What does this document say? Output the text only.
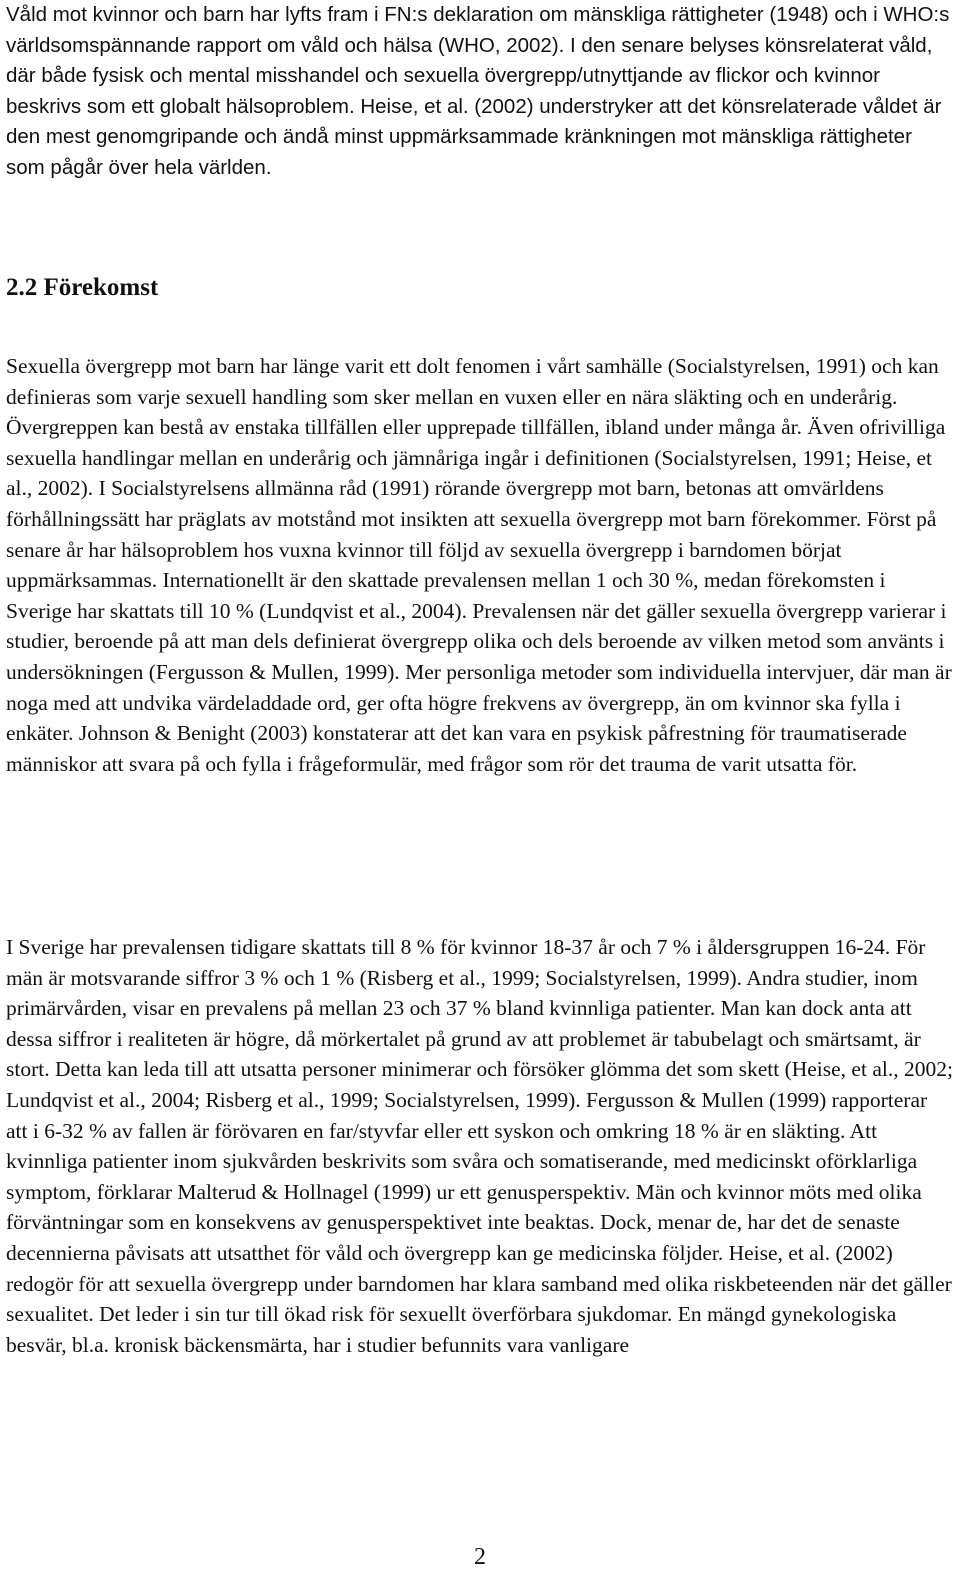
Våld mot kvinnor och barn har lyfts fram i FN:s deklaration om mänskliga rättigheter (1948) och i WHO:s världsomspännande rapport om våld och hälsa (WHO, 2002). I den senare belyses könsrelaterat våld, där både fysisk och mental misshandel och sexuella övergrepp/utnyttjande av flickor och kvinnor beskrivs som ett globalt hälsoproblem. Heise, et al. (2002) understryker att det könsrelaterade våldet är den mest genomgripande och ändå minst uppmärksammade kränkningen mot mänskliga rättigheter som pågår över hela världen.

2.2 Förekomst

Sexuella övergrepp mot barn har länge varit ett dolt fenomen i vårt samhälle (Socialstyrelsen, 1991) och kan definieras som varje sexuell handling som sker mellan en vuxen eller en nära släkting och en underårig. Övergreppen kan bestå av enstaka tillfällen eller upprepade tillfällen, ibland under många år. Även ofrivilliga sexuella handlingar mellan en underårig och jämnåriga ingår i definitionen (Socialstyrelsen, 1991; Heise, et al., 2002). I Socialstyrelsens allmänna råd (1991) rörande övergrepp mot barn, betonas att omvärldens förhållningssätt har präglats av motstånd mot insikten att sexuella övergrepp mot barn förekommer. Först på senare år har hälsoproblem hos vuxna kvinnor till följd av sexuella övergrepp i barndomen börjat uppmärksammas. Internationellt är den skattade prevalensen mellan 1 och 30 %, medan förekomsten i Sverige har skattats till 10 % (Lundqvist et al., 2004). Prevalensen när det gäller sexuella övergrepp varierar i studier, beroende på att man dels definierat övergrepp olika och dels beroende av vilken metod som använts i undersökningen (Fergusson & Mullen, 1999). Mer personliga metoder som individuella intervjuer, där man är noga med att undvika värdeladdade ord, ger ofta högre frekvens av övergrepp, än om kvinnor ska fylla i enkäter. Johnson & Benight (2003) konstaterar att det kan vara en psykisk påfrestning för traumatiserade människor att svara på och fylla i frågeformulär, med frågor som rör det trauma de varit utsatta för.

I Sverige har prevalensen tidigare skattats till 8 % för kvinnor 18-37 år och 7 % i åldersgruppen 16-24. För män är motsvarande siffror 3 % och 1 % (Risberg et al., 1999; Socialstyrelsen, 1999). Andra studier, inom primärvården, visar en prevalens på mellan 23 och 37 % bland kvinnliga patienter. Man kan dock anta att dessa siffror i realiteten är högre, då mörkertalet på grund av att problemet är tabubelagt och smärtsamt, är stort. Detta kan leda till att utsatta personer minimerar och försöker glömma det som skett (Heise, et al., 2002; Lundqvist et al., 2004; Risberg et al., 1999; Socialstyrelsen, 1999). Fergusson & Mullen (1999) rapporterar att i 6-32 % av fallen är förövaren en far/styvfar eller ett syskon och omkring 18 % är en släkting. Att kvinnliga patienter inom sjukvården beskrivits som svåra och somatiserande, med medicinskt oförklarliga symptom, förklarar Malterud & Hollnagel (1999) ur ett genusperspektiv. Män och kvinnor möts med olika förväntningar som en konsekvens av genusperspektivet inte beaktas. Dock, menar de, har det de senaste decennierna påvisats att utsatthet för våld och övergrepp kan ge medicinska följder. Heise, et al. (2002) redogör för att sexuella övergrepp under barndomen har klara samband med olika riskbeteenden när det gäller sexualitet. Det leder i sin tur till ökad risk för sexuellt överförbara sjukdomar. En mängd gynekologiska besvär, bl.a. kronisk bäckensmärta, har i studier befunnits vara vanligare

2
